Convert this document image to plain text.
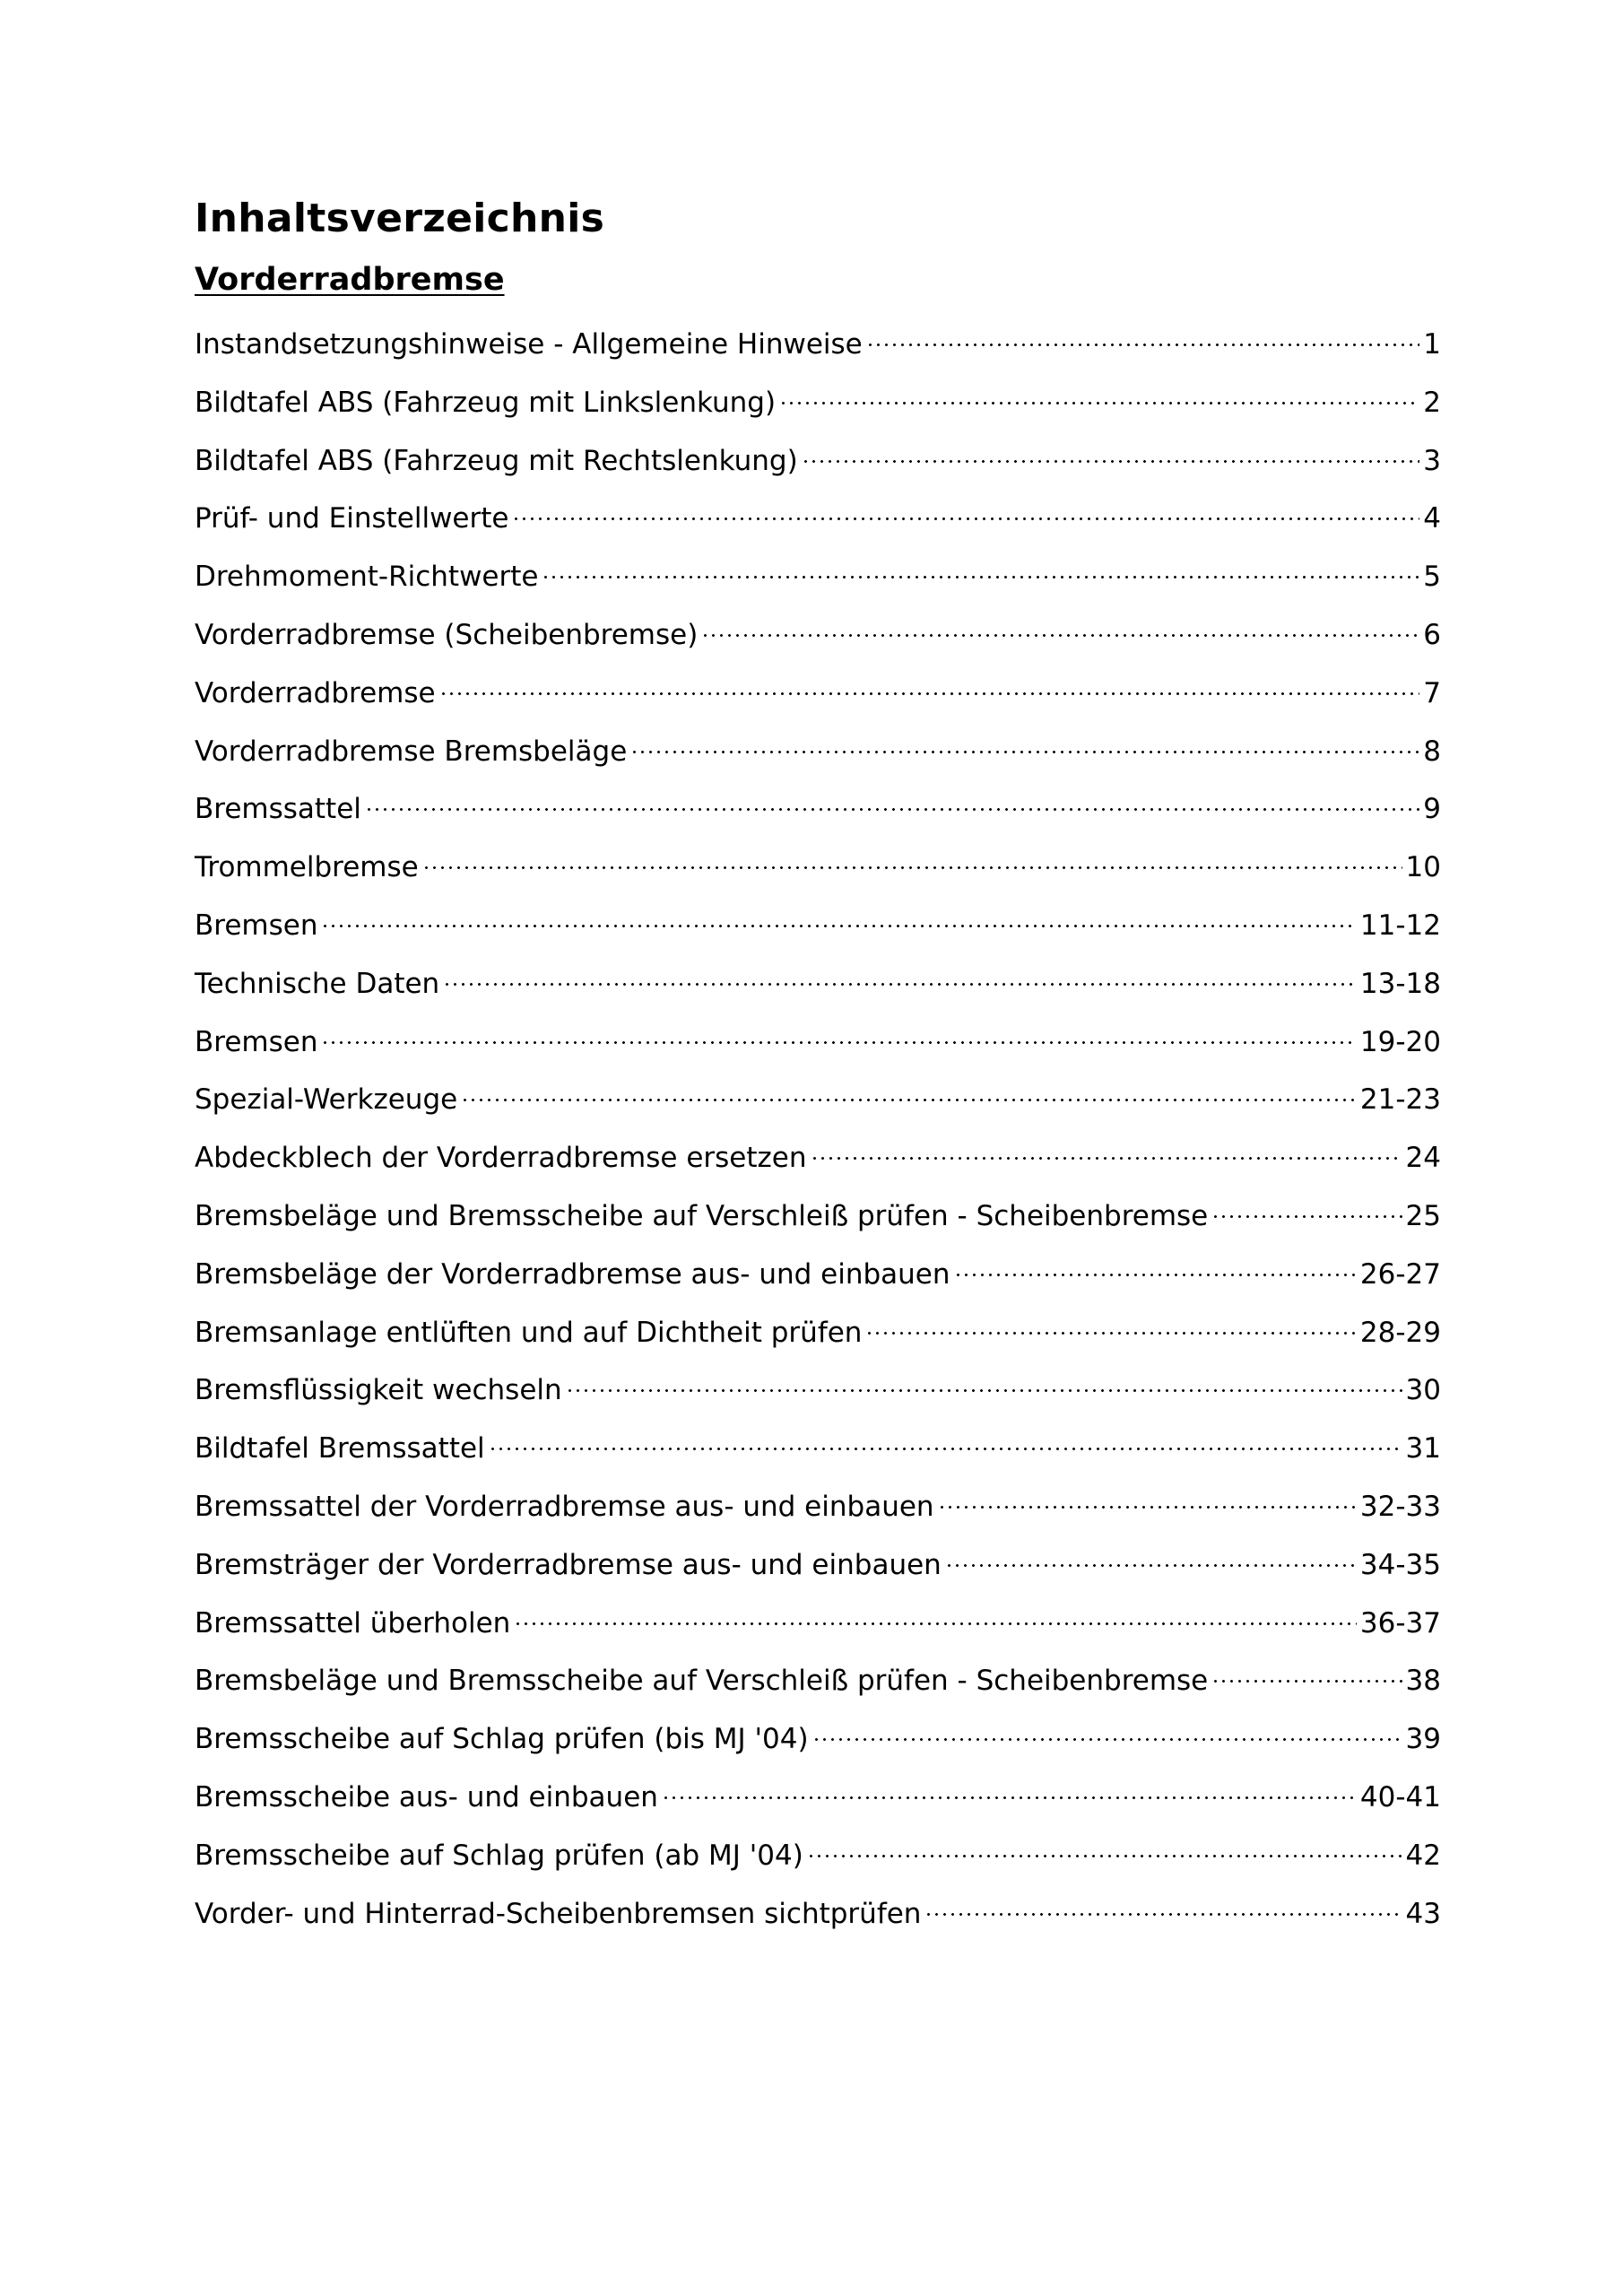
Inhaltsverzeichnis
Vorderradbremse
Instandsetzungshinweise - Allgemeine Hinweise	1
Bildtafel ABS (Fahrzeug mit Linkslenkung)	2
Bildtafel ABS (Fahrzeug mit Rechtslenkung)	3
Prüf- und Einstellwerte	4
Drehmoment-Richtwerte	5
Vorderradbremse (Scheibenbremse)	6
Vorderradbremse	7
Vorderradbremse Bremsbeläge	8
Bremssattel	9
Trommelbremse	10
Bremsen	11-12
Technische Daten	13-18
Bremsen	19-20
Spezial-Werkzeuge	21-23
Abdeckblech der Vorderradbremse ersetzen	24
Bremsbeläge und Bremsscheibe auf Verschleiß prüfen - Scheibenbremse	25
Bremsbeläge der Vorderradbremse aus- und einbauen	26-27
Bremsanlage entlüften und auf Dichtheit prüfen	28-29
Bremsflüssigkeit wechseln	30
Bildtafel Bremssattel	31
Bremssattel der Vorderradbremse aus- und einbauen	32-33
Bremsträger der Vorderradbremse aus- und einbauen	34-35
Bremssattel überholen	36-37
Bremsbeläge und Bremsscheibe auf Verschleiß prüfen - Scheibenbremse	38
Bremsscheibe auf Schlag prüfen (bis MJ '04)	39
Bremsscheibe aus- und einbauen	40-41
Bremsscheibe auf Schlag prüfen (ab MJ '04)	42
Vorder- und Hinterrad-Scheibenbremsen sichtprüfen	43
